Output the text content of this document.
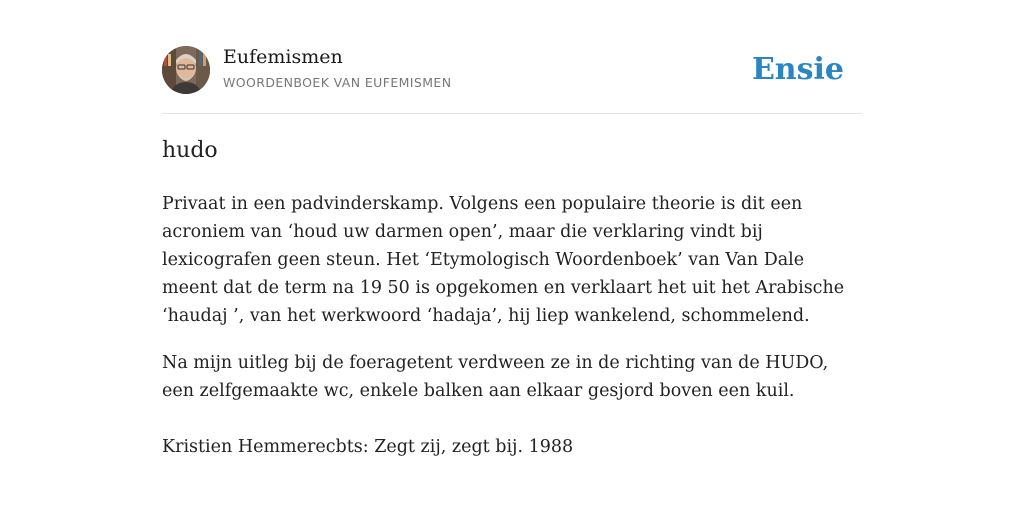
Eufemismen
WOORDENBOEK VAN EUFEMISMEN	Ensie
hudo

Privaat in een padvinderskamp. Volgens een populaire theorie is dit een acroniem van ‘houd uw darmen open’, maar die verklaring vindt bij lexicografen geen steun. Het ‘Etymologisch Woordenboek’ van Van Dale meent dat de term na 19 50 is opgekomen en verklaart het uit het Arabische ‘haudaj ’, van het werkwoord ‘hadaja’, hij liep wankelend, schommelend.

Na mijn uitleg bij de foeragetent verdween ze in de richting van de HUDO, een zelfgemaakte wc, enkele balken aan elkaar gesjord boven een kuil.

Kristien Hemmerecbts: Zegt zij, zegt bij. 1988
